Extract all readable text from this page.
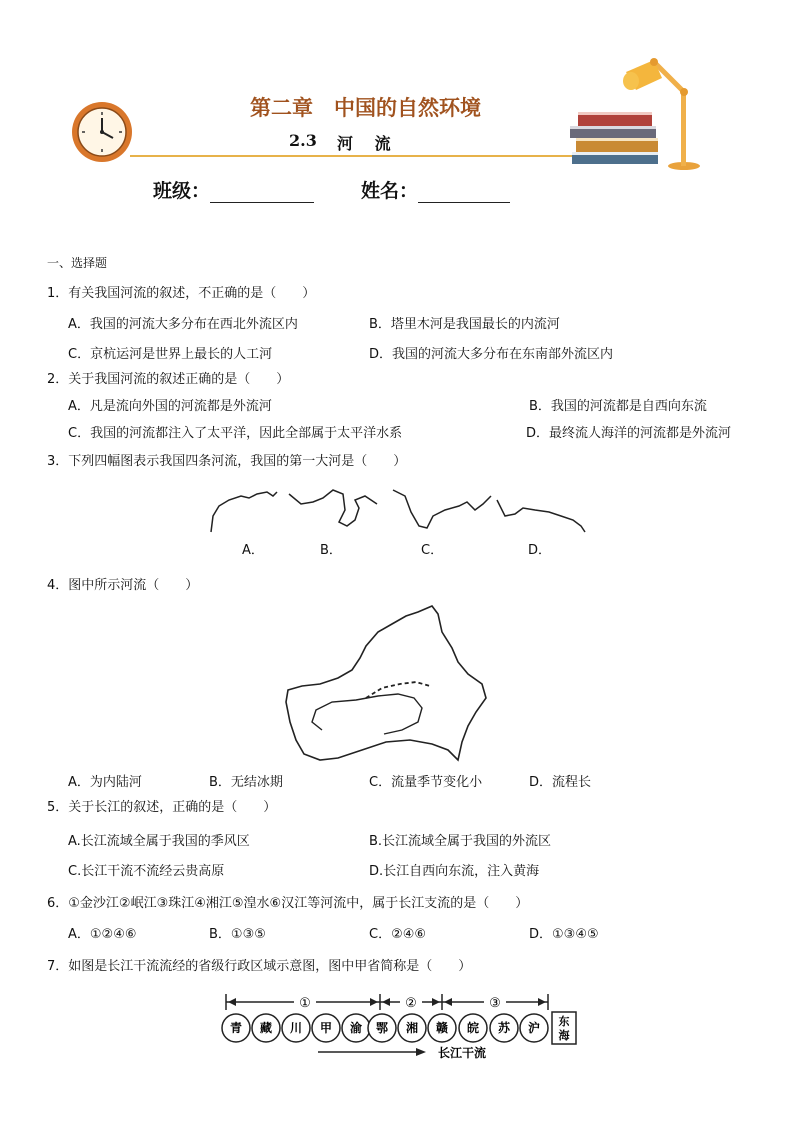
第二章　中国的自然环境
2.3 河　 流
班级：	姓名：
一、选择题
1．有关我国河流的叙述，不正确的是（　　）
A．我国的河流大多分布在西北外流区内	B．塔里木河是我国最长的内流河
C．京杭运河是世界上最长的人工河	D．我国的河流大多分布在东南部外流区内
2．关于我国河流的叙述正确的是（　　）
A．凡是流向外国的河流都是外流河	B．我国的河流都是自西向东流
C．我国的河流都注入了太平洋，因此全部属于太平洋水系	D．最终流人海洋的河流都是外流河
3．下列四幅图表示我国四条河流，我国的第一大河是（　　）
A．	B．	C．	D．
4．图中所示河流（　　）
A．为内陆河	B．无结冰期	C．流量季节变化小	D．流程长
5．关于长江的叙述，正确的是（　　）
A.长江流域全属于我国的季风区	B.长江流域全属于我国的外流区
C.长江干流不流经云贵高原	D.长江自西向东流，注入黄海
6．①金沙江②岷江③珠江④湘江⑤湟水⑥汉江等河流中，属于长江支流的是（　　）
A．①②④⑥	B．①③⑤	C．②④⑥	D．①③④⑤
7．如图是长江干流流经的省级行政区域示意图，图中甲省简称是（　　）
①	②	③
青 藏 川 甲 渝 鄂 湘 赣 皖 苏 沪 东
海
长江干流
